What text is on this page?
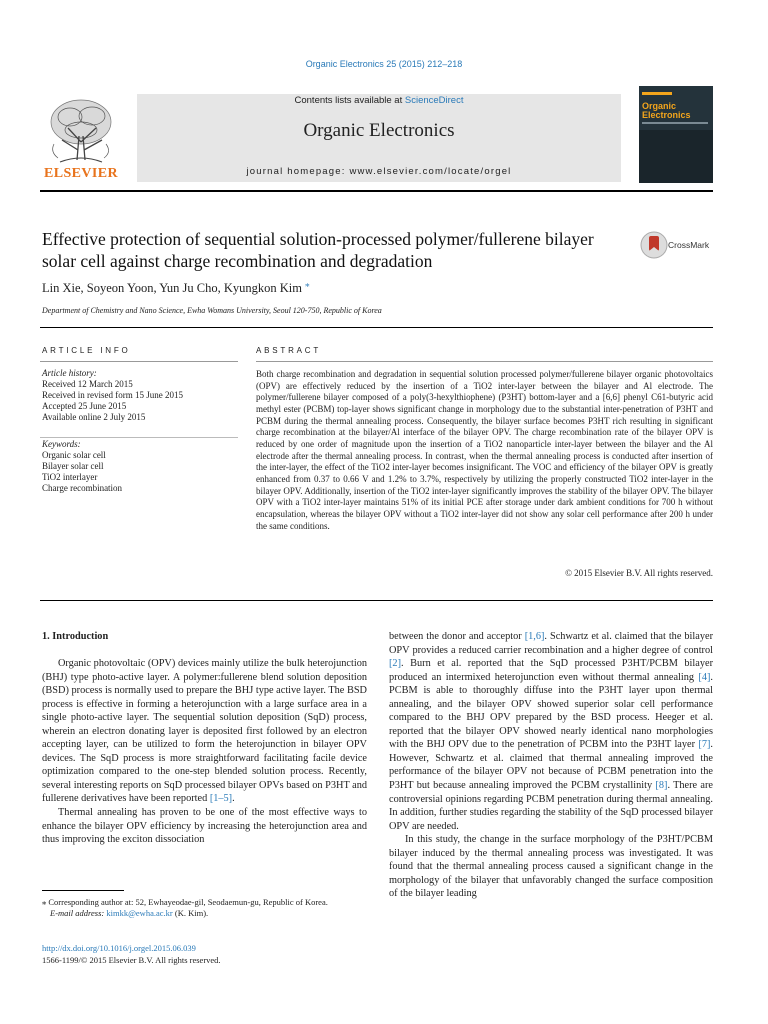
Organic Electronics 25 (2015) 212–218
Contents lists available at ScienceDirect
Organic Electronics
journal homepage: www.elsevier.com/locate/orgel
ELSEVIER
Organic
Electronics
Effective protection of sequential solution-processed polymer/fullerene bilayer solar cell against charge recombination and degradation
CrossMark
Lin Xie, Soyeon Yoon, Yun Ju Cho, Kyungkon Kim ⁎
Department of Chemistry and Nano Science, Ewha Womans University, Seoul 120-750, Republic of Korea
ARTICLE INFO	ABSTRACT
Article history:
Received 12 March 2015
Received in revised form 15 June 2015
Accepted 25 June 2015
Available online 2 July 2015
Keywords:
Organic solar cell
Bilayer solar cell
TiO2 interlayer
Charge recombination
Both charge recombination and degradation in sequential solution processed polymer/fullerene bilayer organic photovoltaics (OPV) are effectively reduced by the insertion of a TiO2 inter-layer between the bilayer and Al electrode. The polymer/fullerene bilayer composed of a poly(3-hexylthiophene) (P3HT) bottom-layer and a [6,6] phenyl C61-butyric acid methyl ester (PCBM) top-layer shows significant change in morphology due to the substantial inter-penetration of P3HT and PCBM during the thermal annealing process. Consequently, the bilayer surface becomes P3HT rich resulting in significant charge recombination at the bilayer/Al interface of the bilayer OPV. The charge recombination rate of the bilayer OPV is reduced by one order of magnitude upon the insertion of a TiO2 nanoparticle inter-layer between the bilayer and the Al electrode after the thermal annealing process. In contrast, when the thermal annealing process is conducted after insertion of the inter-layer, the effect of the TiO2 inter-layer becomes insignificant. The VOC and efficiency of the bilayer OPV is greatly enhanced from 0.37 to 0.66 V and 1.2% to 3.7%, respectively by utilizing the properly constructed TiO2 inter-layer in the bilayer OPV. Additionally, insertion of the TiO2 inter-layer significantly improves the stability of the bilayer OPV. The bilayer OPV with a TiO2 inter-layer maintains 51% of its initial PCE after storage under dark ambient conditions for 700 h without encapsulation, whereas the bilayer OPV without a TiO2 inter-layer did not show any solar cell performance after 200 h under the same conditions.
© 2015 Elsevier B.V. All rights reserved.
1. Introduction

Organic photovoltaic (OPV) devices mainly utilize the bulk heterojunction (BHJ) type photo-active layer. A polymer:fullerene blend solution deposition (BSD) process is normally used to prepare the BHJ type active layer. The BSD process is effective in forming a heterojunction with a large surface area in a single photo-active layer. The sequential solution deposition (SqD) process, wherein an electron donating layer is deposited first followed by an electron accepting layer, can be utilized to form the heterojunction in bilayer OPV devices. The SqD process is more straightforward facilitating facile device optimization compared to the one-step blended solution process. Recently, several interesting reports on SqD processed bilayer OPVs based on P3HT and fullerene derivatives have been reported [1–5].

Thermal annealing has proven to be one of the most effective ways to enhance the bilayer OPV efficiency by increasing the heterojunction area and thus improving the exciton dissociation

between the donor and acceptor [1,6]. Schwartz et al. claimed that the bilayer OPV provides a reduced carrier recombination and a higher degree of control [2]. Burn et al. reported that the SqD processed P3HT/PCBM bilayer produced an intermixed heterojunction even without thermal annealing [4]. PCBM is able to thoroughly diffuse into the P3HT layer upon thermal annealing, and the bilayer OPV showed superior solar cell performance compared to the BHJ OPV prepared by the BSD process. Heeger et al. reported that the bilayer OPV showed nearly identical nano morphologies with the BHJ OPV due to the penetration of PCBM into the P3HT layer [7]. However, Schwartz et al. claimed that thermal annealing improved the performance of the bilayer OPV not because of PCBM penetration into the P3HT but because annealing improved the PCBM crystallinity [8]. There are controversial opinions regarding PCBM penetration during thermal annealing. In addition, further studies regarding the stability of the SqD processed bilayer OPV are needed.

In this study, the change in the surface morphology of the P3HT/PCBM bilayer induced by the thermal annealing process was investigated. It was found that the thermal annealing process caused a significant change in the morphology of the bilayer that unfavorably changed the surface composition of the bilayer leading

⁎ Corresponding author at: 52, Ewhayeodae-gil, Seodaemun-gu, Republic of Korea.
E-mail address: kimkk@ewha.ac.kr (K. Kim).
http://dx.doi.org/10.1016/j.orgel.2015.06.039
1566-1199/© 2015 Elsevier B.V. All rights reserved.
